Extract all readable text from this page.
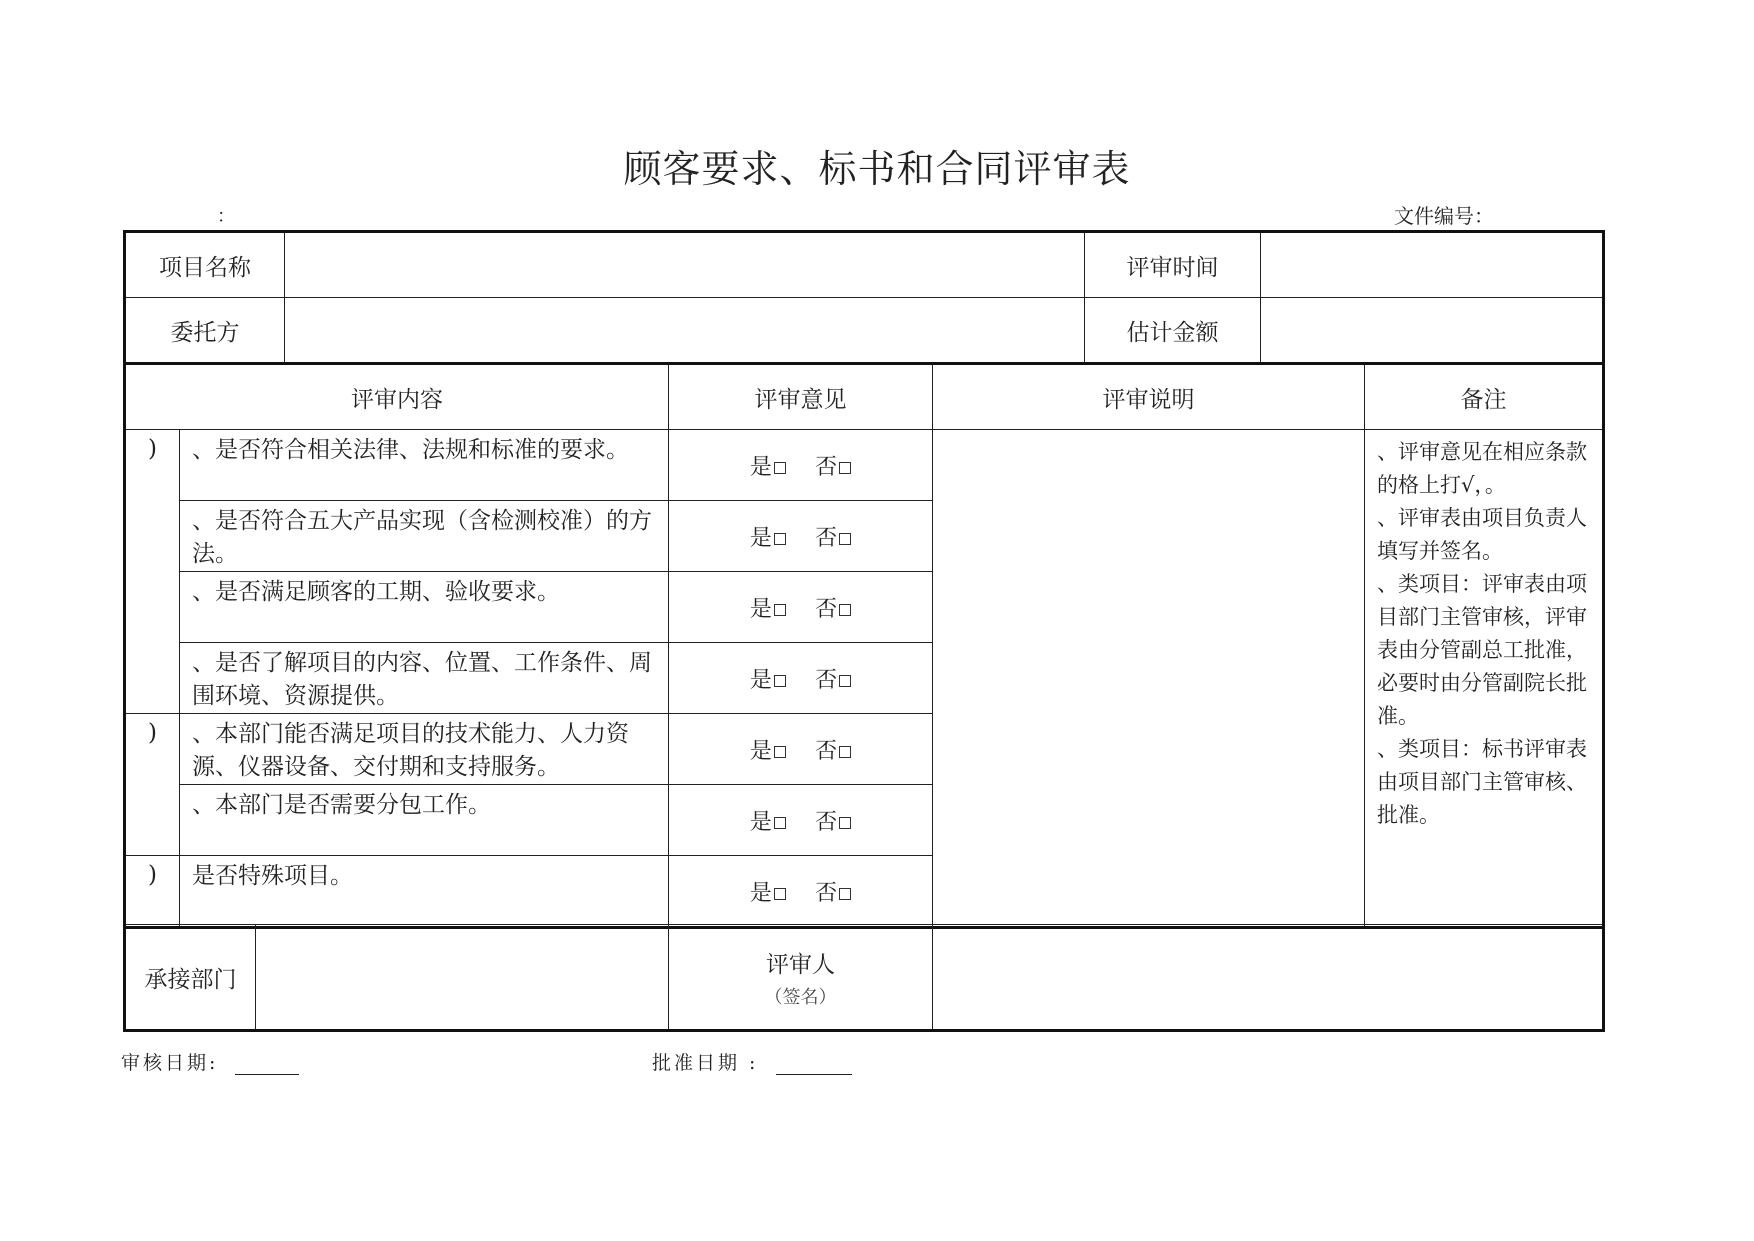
顾客要求、标书和合同评审表
：	文件编号：
项目名称		评审时间	
委托方		估计金额	
评审内容		评审意见	评审说明	备注
)	、是否符合相关法律、法规和标准的要求。	是 否		、评审意见在相应条款的格上打√，。
、评审表由项目负责人填写并签名。
、类项目：评审表由项目部门主管审核，评审表由分管副总工批准，必要时由分管副院长批准。
、类项目：标书评审表由项目部门主管审核、批准。
	、是否符合五大产品实现（含检测校准）的方法。	是 否		
	、是否满足顾客的工期、验收要求。	是 否		
	、是否了解项目的内容、位置、工作条件、周围环境、资源提供。	是 否		
)	、本部门能否满足项目的技术能力、人力资源、仪器设备、交付期和支持服务。	是 否		
	、本部门是否需要分包工作。	是 否		
)	是否特殊项目。	是 否		
承接部门		评审人
（签名）

审核日期:	批准日期 :
